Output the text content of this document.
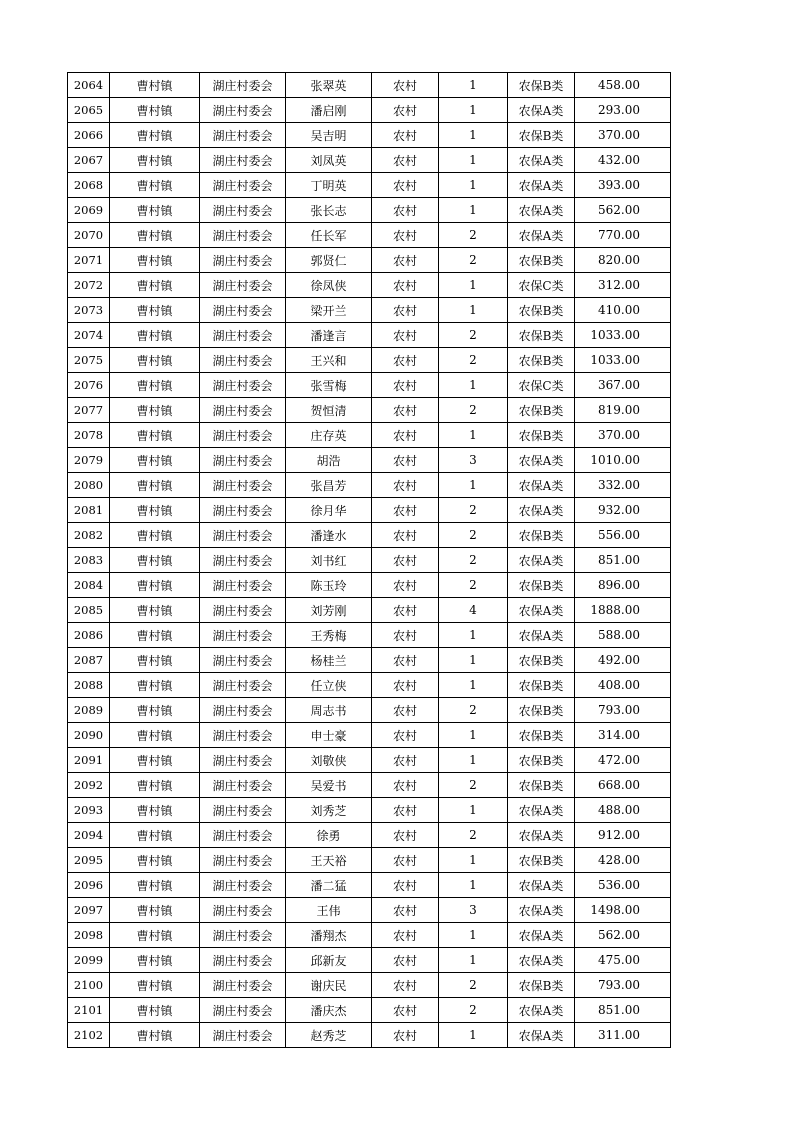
2064	曹村镇	湖庄村委会	张翠英	农村	1	农保B类	458.00
2065	曹村镇	湖庄村委会	潘启刚	农村	1	农保A类	293.00
2066	曹村镇	湖庄村委会	吴吉明	农村	1	农保B类	370.00
2067	曹村镇	湖庄村委会	刘凤英	农村	1	农保A类	432.00
2068	曹村镇	湖庄村委会	丁明英	农村	1	农保A类	393.00
2069	曹村镇	湖庄村委会	张长志	农村	1	农保A类	562.00
2070	曹村镇	湖庄村委会	任长军	农村	2	农保A类	770.00
2071	曹村镇	湖庄村委会	郭贤仁	农村	2	农保B类	820.00
2072	曹村镇	湖庄村委会	徐凤侠	农村	1	农保C类	312.00
2073	曹村镇	湖庄村委会	梁开兰	农村	1	农保B类	410.00
2074	曹村镇	湖庄村委会	潘逢言	农村	2	农保B类	1033.00
2075	曹村镇	湖庄村委会	王兴和	农村	2	农保B类	1033.00
2076	曹村镇	湖庄村委会	张雪梅	农村	1	农保C类	367.00
2077	曹村镇	湖庄村委会	贺恒清	农村	2	农保B类	819.00
2078	曹村镇	湖庄村委会	庄存英	农村	1	农保B类	370.00
2079	曹村镇	湖庄村委会	胡浩	农村	3	农保A类	1010.00
2080	曹村镇	湖庄村委会	张昌芳	农村	1	农保A类	332.00
2081	曹村镇	湖庄村委会	徐月华	农村	2	农保A类	932.00
2082	曹村镇	湖庄村委会	潘逢水	农村	2	农保B类	556.00
2083	曹村镇	湖庄村委会	刘书红	农村	2	农保A类	851.00
2084	曹村镇	湖庄村委会	陈玉玲	农村	2	农保B类	896.00
2085	曹村镇	湖庄村委会	刘芳刚	农村	4	农保A类	1888.00
2086	曹村镇	湖庄村委会	王秀梅	农村	1	农保A类	588.00
2087	曹村镇	湖庄村委会	杨桂兰	农村	1	农保B类	492.00
2088	曹村镇	湖庄村委会	任立侠	农村	1	农保B类	408.00
2089	曹村镇	湖庄村委会	周志书	农村	2	农保B类	793.00
2090	曹村镇	湖庄村委会	申士豪	农村	1	农保B类	314.00
2091	曹村镇	湖庄村委会	刘敬侠	农村	1	农保B类	472.00
2092	曹村镇	湖庄村委会	吴爱书	农村	2	农保B类	668.00
2093	曹村镇	湖庄村委会	刘秀芝	农村	1	农保A类	488.00
2094	曹村镇	湖庄村委会	徐勇	农村	2	农保A类	912.00
2095	曹村镇	湖庄村委会	王天裕	农村	1	农保B类	428.00
2096	曹村镇	湖庄村委会	潘二猛	农村	1	农保A类	536.00
2097	曹村镇	湖庄村委会	王伟	农村	3	农保A类	1498.00
2098	曹村镇	湖庄村委会	潘翔杰	农村	1	农保A类	562.00
2099	曹村镇	湖庄村委会	邱新友	农村	1	农保A类	475.00
2100	曹村镇	湖庄村委会	谢庆民	农村	2	农保B类	793.00
2101	曹村镇	湖庄村委会	潘庆杰	农村	2	农保A类	851.00
2102	曹村镇	湖庄村委会	赵秀芝	农村	1	农保A类	311.00
